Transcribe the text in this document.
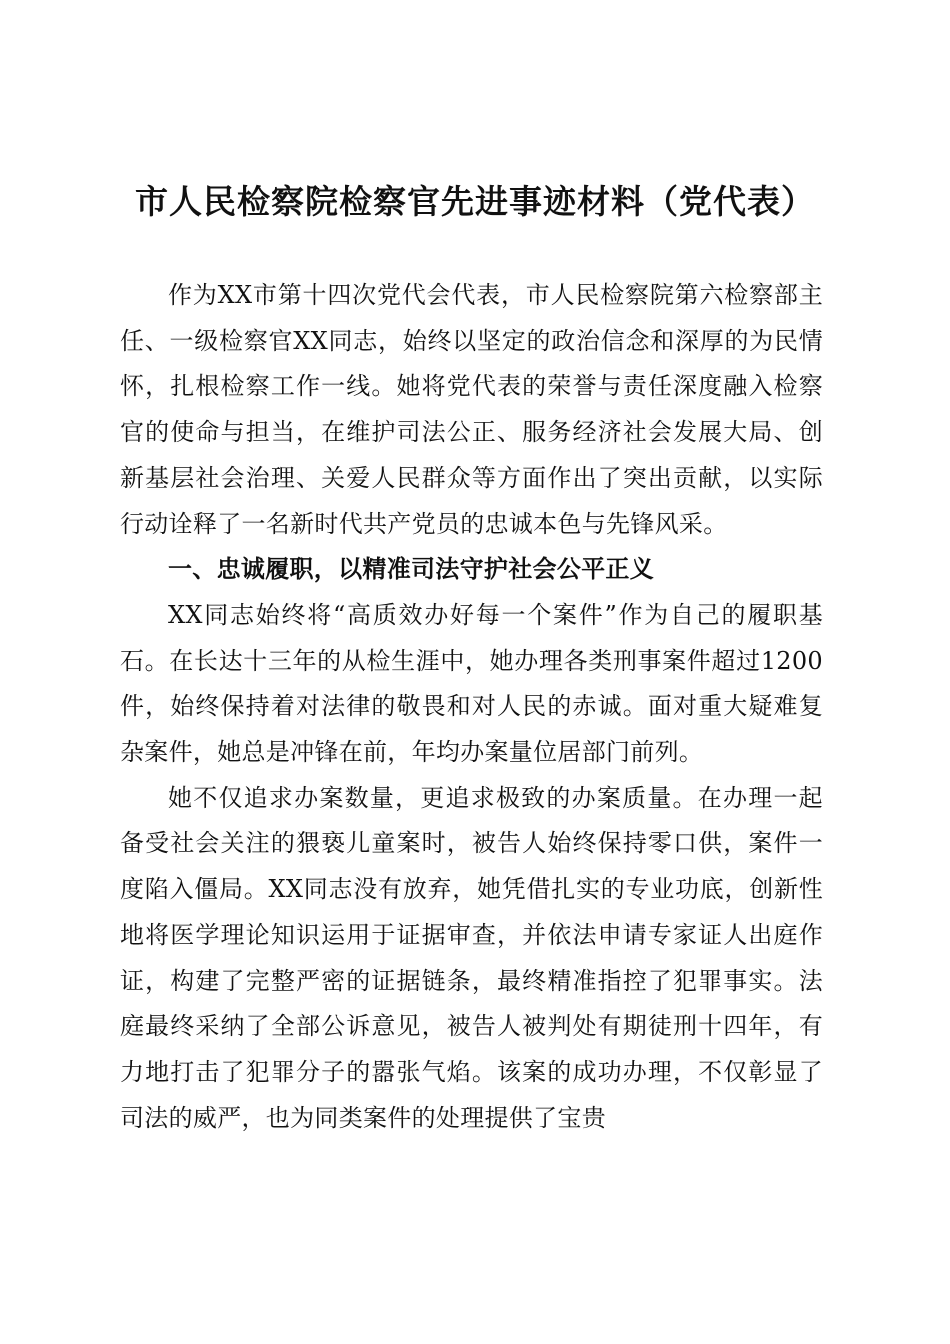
市人民检察院检察官先进事迹材料（党代表）

作为XX市第十四次党代会代表，市人民检察院第六检察部主任、一级检察官XX同志，始终以坚定的政治信念和深厚的为民情怀，扎根检察工作一线。她将党代表的荣誉与责任深度融入检察官的使命与担当，在维护司法公正、服务经济社会发展大局、创新基层社会治理、关爱人民群众等方面作出了突出贡献，以实际行动诠释了一名新时代共产党员的忠诚本色与先锋风采。

一、忠诚履职，以精准司法守护社会公平正义

XX同志始终将“高质效办好每一个案件”作为自己的履职基石。在长达十三年的从检生涯中，她办理各类刑事案件超过1200件，始终保持着对法律的敬畏和对人民的赤诚。面对重大疑难复杂案件，她总是冲锋在前，年均办案量位居部门前列。

她不仅追求办案数量，更追求极致的办案质量。在办理一起备受社会关注的猥亵儿童案时，被告人始终保持零口供，案件一度陷入僵局。XX同志没有放弃，她凭借扎实的专业功底，创新性地将医学理论知识运用于证据审查，并依法申请专家证人出庭作证，构建了完整严密的证据链条，最终精准指控了犯罪事实。法庭最终采纳了全部公诉意见，被告人被判处有期徒刑十四年，有力地打击了犯罪分子的嚣张气焰。该案的成功办理，不仅彰显了司法的威严，也为同类案件的处理提供了宝贵
